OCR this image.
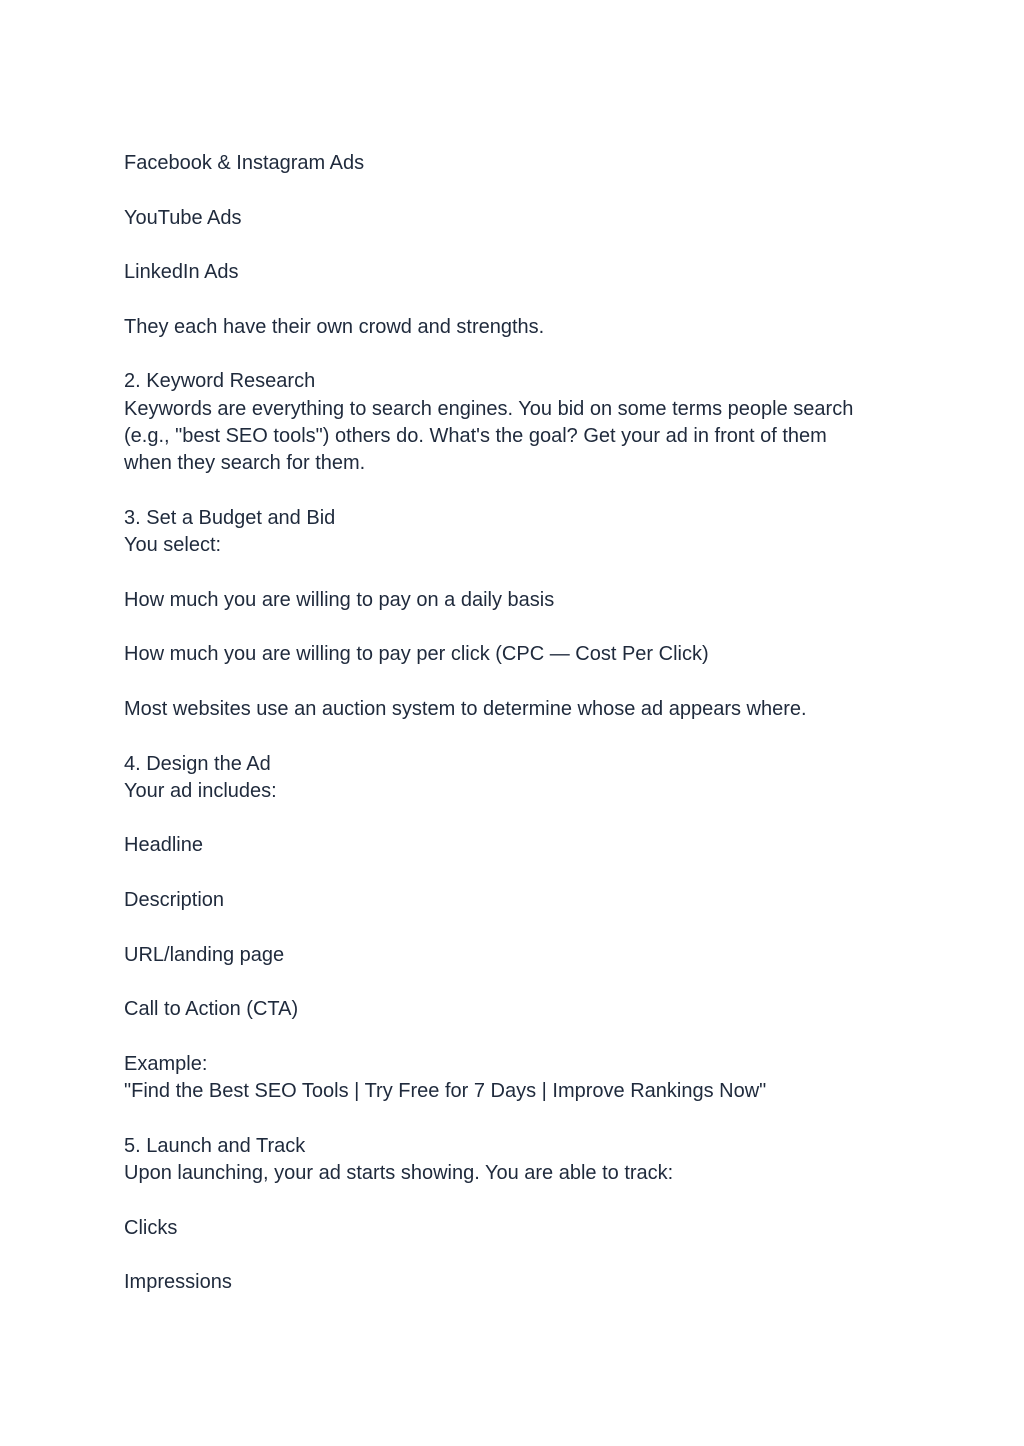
Facebook & Instagram Ads
YouTube Ads
LinkedIn Ads
They each have their own crowd and strengths.
2. Keyword Research
Keywords are everything to search engines. You bid on some terms people search
(e.g., "best SEO tools") others do. What's the goal? Get your ad in front of them
when they search for them.
3. Set a Budget and Bid
You select:
How much you are willing to pay on a daily basis
How much you are willing to pay per click (CPC — Cost Per Click)
Most websites use an auction system to determine whose ad appears where.
4. Design the Ad
Your ad includes:
Headline
Description
URL/landing page
Call to Action (CTA)
Example:
"Find the Best SEO Tools | Try Free for 7 Days | Improve Rankings Now"
5. Launch and Track
Upon launching, your ad starts showing. You are able to track:
Clicks
Impressions
